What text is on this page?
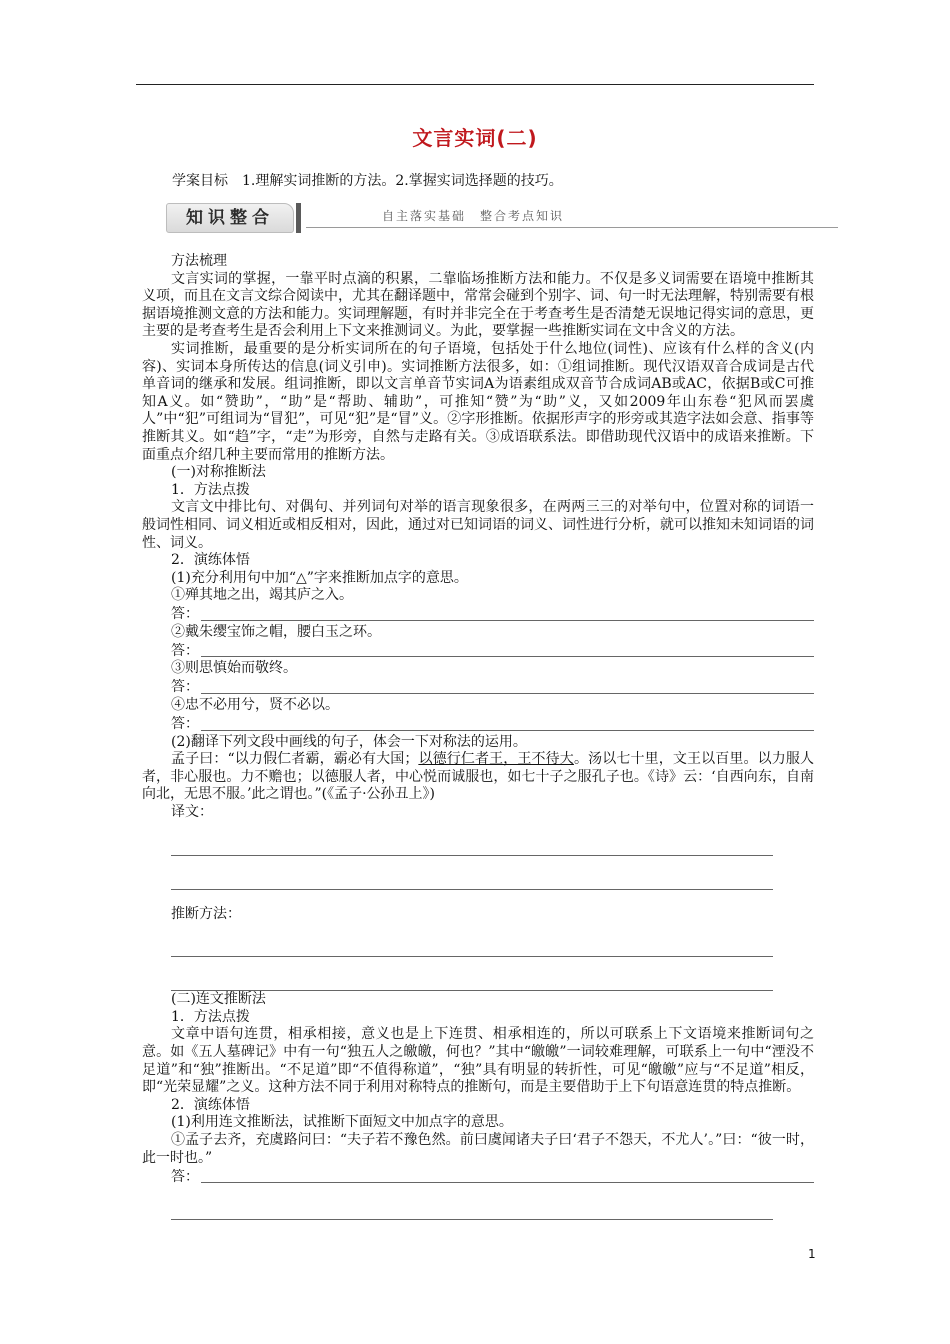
文言实词(二)
学案目标　1.理解实词推断的方法。2.掌握实词选择题的技巧。
知识整合	自主落实基础　整合考点知识

方法梳理

文言实词的掌握，一靠平时点滴的积累，二靠临场推断方法和能力。不仅是多义词需要在语境中推断其义项，而且在文言文综合阅读中，尤其在翻译题中，常常会碰到个别字、词、句一时无法理解，特别需要有根据语境推测文意的方法和能力。实词理解题，有时并非完全在于考查考生是否清楚无误地记得实词的意思，更主要的是考查考生是否会利用上下文来推测词义。为此，要掌握一些推断实词在文中含义的方法。

实词推断，最重要的是分析实词所在的句子语境，包括处于什么地位(词性)、应该有什么样的含义(内容)、实词本身所传达的信息(词义引申)。实词推断方法很多，如：①组词推断。现代汉语双音合成词是古代单音词的继承和发展。组词推断，即以文言单音节实词A为语素组成双音节合成词AB或AC，依据B或C可推知A义。如“赞助”，“助”是“帮助、辅助”，可推知“赞”为“助”义，又如2009年山东卷“犯风而罢虞人”中“犯”可组词为“冒犯”，可见“犯”是“冒”义。②字形推断。依据形声字的形旁或其造字法如会意、指事等推断其义。如“趋”字，“走”为形旁，自然与走路有关。③成语联系法。即借助现代汉语中的成语来推断。下面重点介绍几种主要而常用的推断方法。

(一)对称推断法

1．方法点拨

文言文中排比句、对偶句、并列词句对举的语言现象很多，在两两三三的对举句中，位置对称的词语一般词性相同、词义相近或相反相对，因此，通过对已知词语的词义、词性进行分析，就可以推知未知词语的词性、词义。

2．演练体悟

(1)充分利用句中加“△”字来推断加点字的意思。

①殚其地之出，竭其庐之入。

答：

②戴朱缨宝饰之帽，腰白玉之环。

答：

③则思慎始而敬终。

答：

④忠不必用兮，贤不必以。

答：

(2)翻译下列文段中画线的句子，体会一下对称法的运用。

孟子曰：“以力假仁者霸，霸必有大国；以德行仁者王，王不待大。汤以七十里，文王以百里。以力服人者，非心服也。力不赡也；以德服人者，中心悦而诚服也，如七十子之服孔子也。《诗》云：‘自西向东，自南向北，无思不服。’此之谓也。”(《孟子·公孙丑上》)

译文：

推断方法：

(二)连文推断法

1．方法点拨

文章中语句连贯，相承相接，意义也是上下连贯、相承相连的，所以可联系上下文语境来推断词句之意。如《五人墓碑记》中有一句“独五人之皦皦，何也？”其中“皦皦”一词较难理解，可联系上一句中“湮没不足道”和“独”推断出。“不足道”即“不值得称道”，“独”具有明显的转折性，可见“皦皦”应与“不足道”相反，即“光荣显耀”之义。这种方法不同于利用对称特点的推断句，而是主要借助于上下句语意连贯的特点推断。

2．演练体悟

(1)利用连文推断法，试推断下面短文中加点字的意思。

①孟子去齐，充虞路问曰：“夫子若不豫色然。前曰虞闻诸夫子曰‘君子不怨天，不尤人’。”曰：“彼一时，此一时也。”

答：
1
